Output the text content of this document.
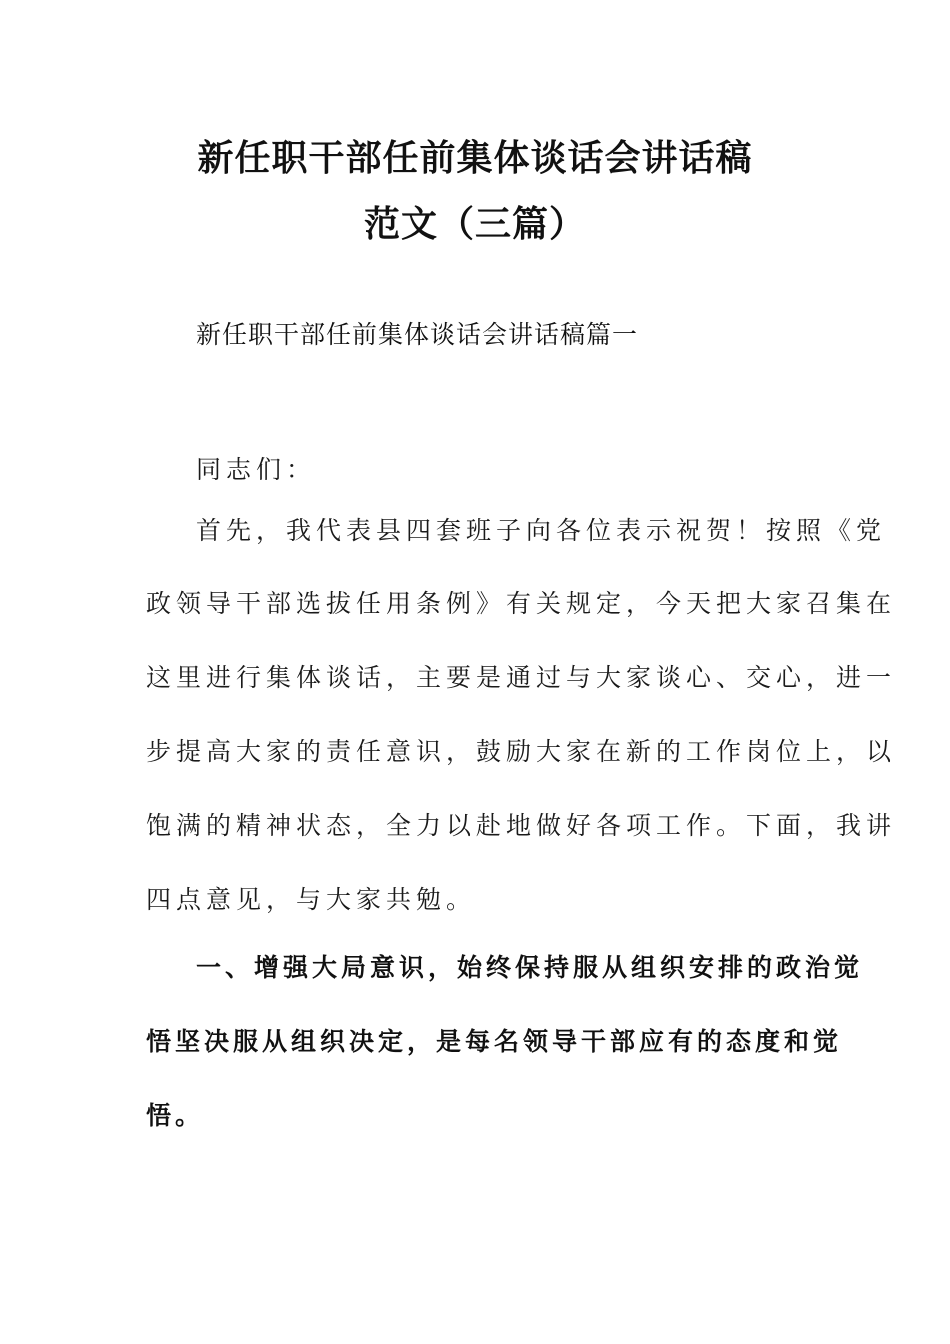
新任职干部任前集体谈话会讲话稿
范文（三篇）
新任职干部任前集体谈话会讲话稿篇一
同志们：
首先，我代表县四套班子向各位表示祝贺！按照《党
政领导干部选拔任用条例》有关规定，今天把大家召集在
这里进行集体谈话，主要是通过与大家谈心、交心，进一
步提高大家的责任意识，鼓励大家在新的工作岗位上，以
饱满的精神状态，全力以赴地做好各项工作。下面，我讲
四点意见，与大家共勉。
一、增强大局意识，始终保持服从组织安排的政治觉
悟坚决服从组织决定，是每名领导干部应有的态度和觉
悟。
